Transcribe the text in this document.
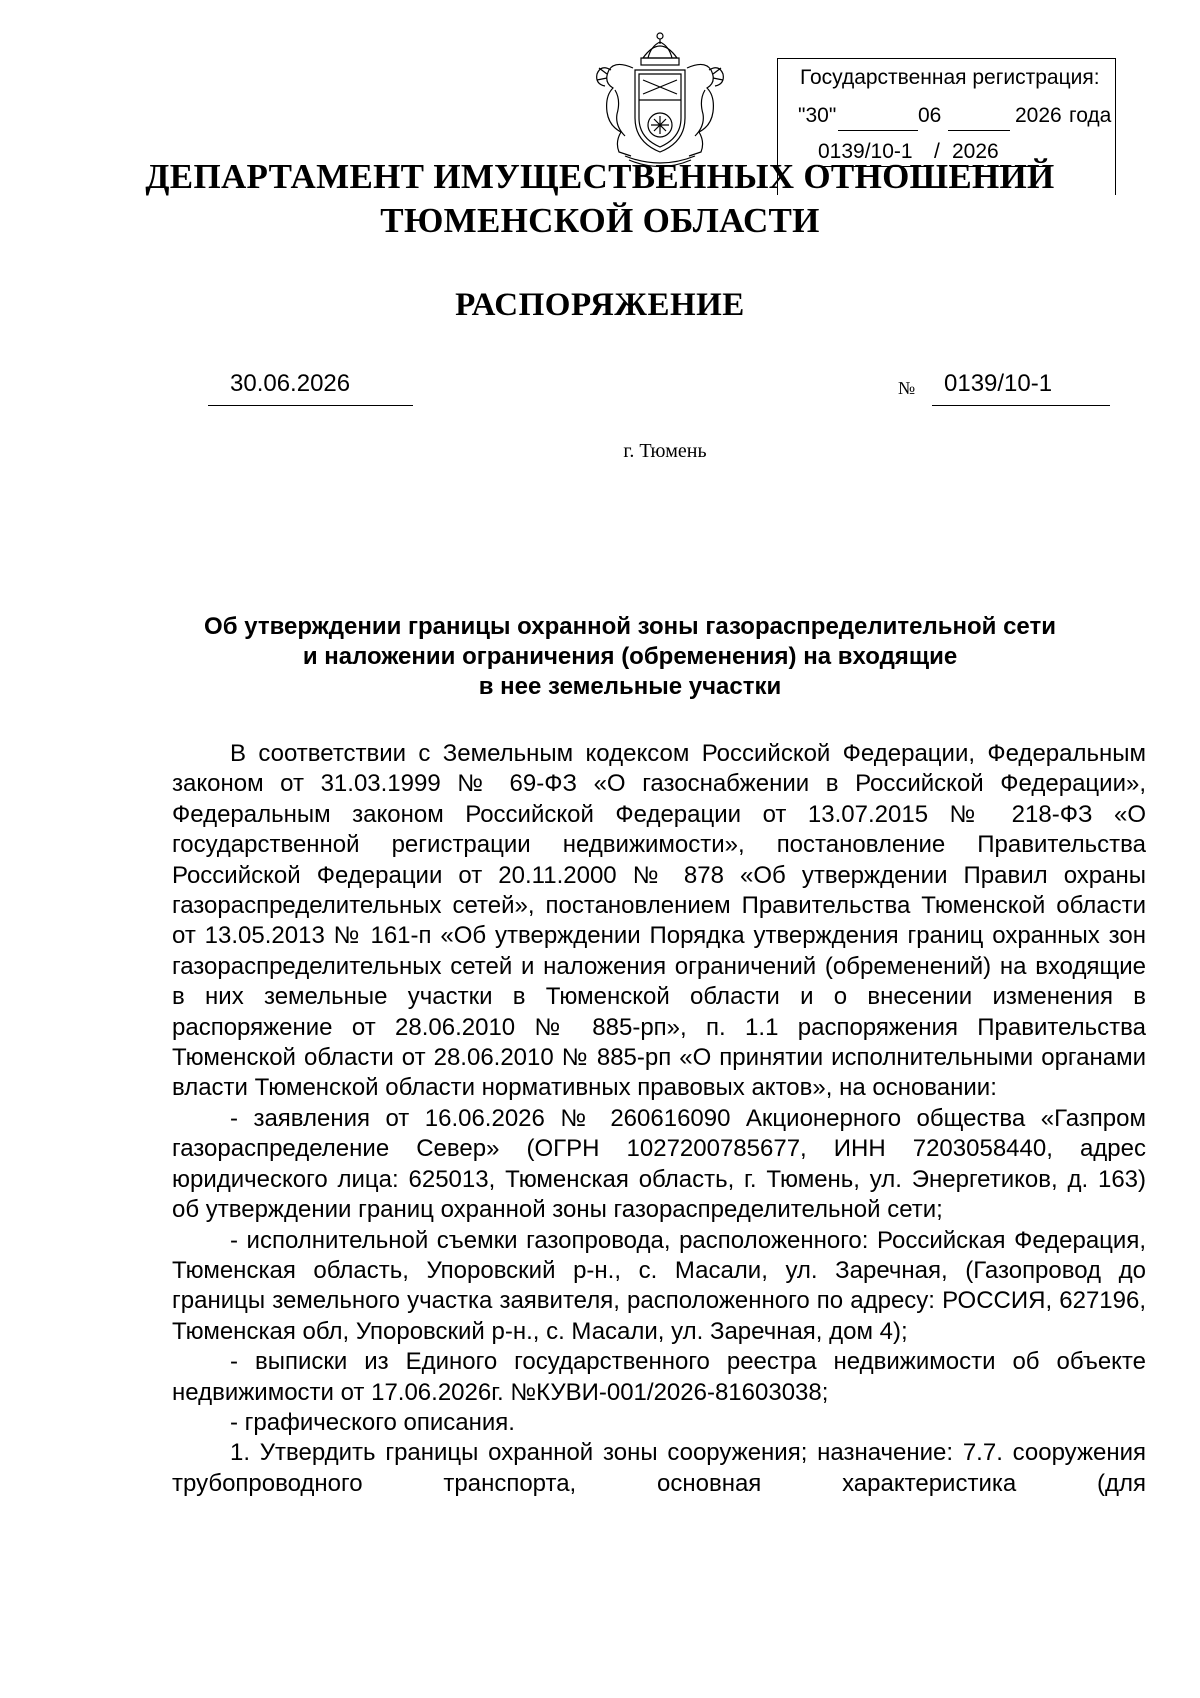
Государственная регистрация:
"30"	06	2026 года
0139/10-1 / 2026
ДЕПАРТАМЕНТ ИМУЩЕСТВЕННЫХ ОТНОШЕНИЙ
ТЮМЕНСКОЙ ОБЛАСТИ
РАСПОРЯЖЕНИЕ
30.06.2026	№ 0139/10-1
г. Тюмень
Об утверждении границы охранной зоны газораспределительной сети
и наложении ограничения (обременения) на входящие
в нее земельные участки

В соответствии с Земельным кодексом Российской Федерации, Федеральным законом от 31.03.1999 № 69-ФЗ «О газоснабжении в Российской Федерации», Федеральным законом Российской Федерации от 13.07.2015 № 218-ФЗ «О государственной регистрации недвижимости», постановление Правительства Российской Федерации от 20.11.2000 № 878 «Об утверждении Правил охраны газораспределительных сетей», постановлением Правительства Тюменской области от 13.05.2013 № 161-п «Об утверждении Порядка утверждения границ охранных зон газораспределительных сетей и наложения ограничений (обременений) на входящие в них земельные участки в Тюменской области и о внесении изменения в распоряжение от 28.06.2010 № 885-рп», п. 1.1 распоряжения Правительства Тюменской области от 28.06.2010 № 885-рп «О принятии исполнительными органами власти Тюменской области нормативных правовых актов», на основании:

- заявления от 16.06.2026 № 260616090 Акционерного общества «Газпром газораспределение Север» (ОГРН 1027200785677, ИНН 7203058440, адрес юридического лица: 625013, Тюменская область, г. Тюмень, ул. Энергетиков, д. 163) об утверждении границ охранной зоны газораспределительной сети;

- исполнительной съемки газопровода, расположенного: Российская Федерация, Тюменская область, Упоровский р-н., с. Масали, ул. Заречная, (Газопровод до границы земельного участка заявителя, расположенного по адресу: РОССИЯ, 627196, Тюменская обл, Упоровский р-н., с. Масали, ул. Заречная, дом 4);

- выписки из Единого государственного реестра недвижимости об объекте недвижимости от 17.06.2026г. №КУВИ-001/2026-81603038;

- графического описания.

1. Утвердить границы охранной зоны сооружения; назначение: 7.7. сооружения трубопроводного транспорта, основная характеристика (для
